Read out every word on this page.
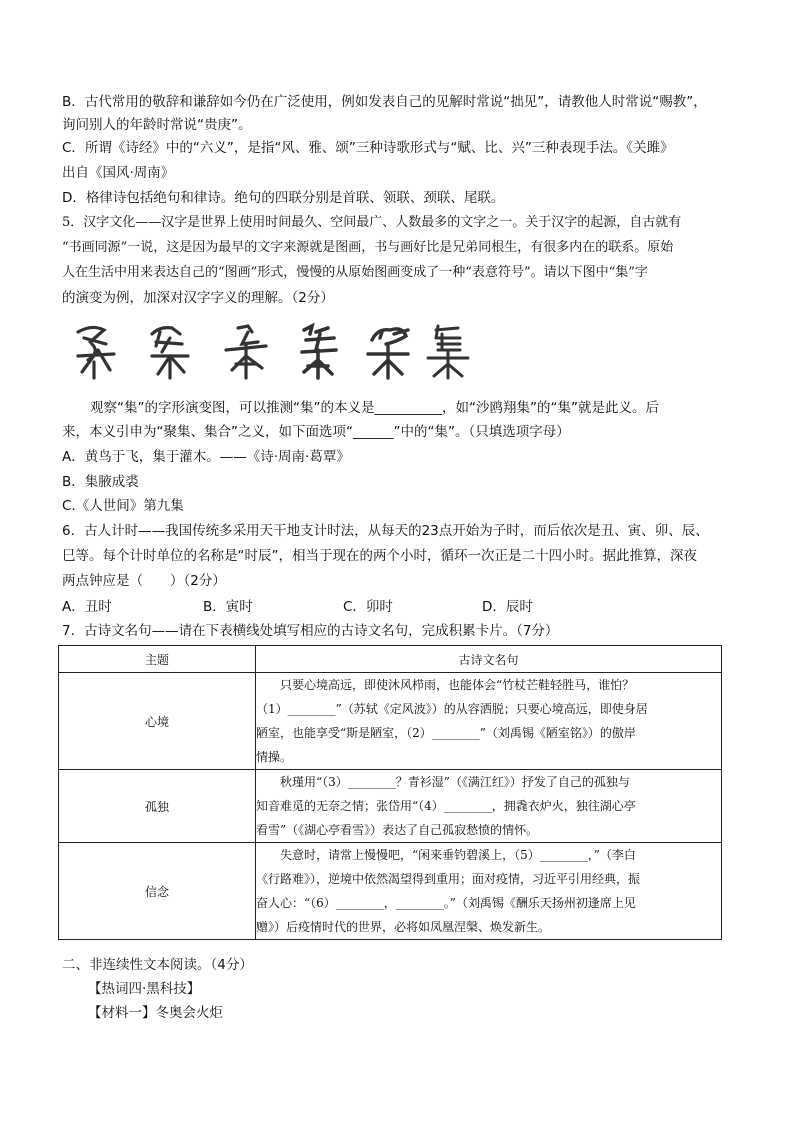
B．古代常用的敬辞和谦辞如今仍在广泛使用，例如发表自己的见解时常说“拙见”，请教他人时常说“赐教”，
询问别人的年龄时常说“贵庚”。
C．所谓《诗经》中的“六义”，是指“风、雅、颂”三种诗歌形式与“赋、比、兴”三种表现手法。《关雎》
出自《国风·周南》
D．格律诗包括绝句和律诗。绝句的四联分别是首联、领联、颈联、尾联。
5．汉字文化——汉字是世界上使用时间最久、空间最广、人数最多的文字之一。关于汉字的起源，自古就有
“书画同源”一说，这是因为最早的文字来源就是图画，书与画好比是兄弟同根生，有很多内在的联系。原始
人在生活中用来表达自己的“图画”形式，慢慢的从原始图画变成了一种“表意符号”。请以下图中“集”字
的演变为例，加深对汉字字义的理解。（2分）
观察“集”的字形演变图，可以推测“集”的本义是__________，如“沙鸥翔集”的“集”就是此义。后
来，本义引申为“聚集、集合”之义，如下面选项“______”中的“集”。（只填选项字母）
A．黄鸟于飞，集于灌木。——《诗·周南·葛覃》
B．集腋成裘
C.《人世间》第九集
6．古人计时——我国传统多采用天干地支计时法，从每天的23点开始为子时，而后依次是丑、寅、卯、辰、
巳等。每个计时单位的名称是“时辰”，相当于现在的两个小时，循环一次正是二十四小时。据此推算，深夜
两点钟应是（　　）（2分）
A．丑时	B．寅时	C．卯时	D．辰时
7．古诗文名句——请在下表横线处填写相应的古诗文名句，完成积累卡片。（7分）
主题	古诗文名句
心境	只要心境高远，即使沐风栉雨，也能体会“竹杖芒鞋轻胜马，谁怕？
（1）________”（苏轼《定风波》）的从容洒脱；只要心境高远，即使身居
陋室，也能享受“斯是陋室，（2）________”（刘禹锡《陋室铭》）的傲岸
情操。

孤独	秋瑾用“（3）________？青衫湿”（《满江红》）抒发了自己的孤独与
知音难觅的无奈之情；张岱用“（4）________，拥毳衣炉火，独往湖心亭
看雪”（《湖心亭看雪》）表达了自己孤寂愁愤的情怀。

信念	失意时，请常上慢慢吧，“闲来垂钓碧溪上，（5）________，”（李白
《行路难》），逆境中依然渴望得到重用；面对疫情，习近平引用经典，振
奋人心：“（6）________，________。”（刘禹锡《酬乐天扬州初逢席上见
赠》）后疫情时代的世界，必将如凤凰涅槃、焕发新生。
二、非连续性文本阅读。（4分）
【热词四·黑科技】
【材料一】冬奥会火炬
